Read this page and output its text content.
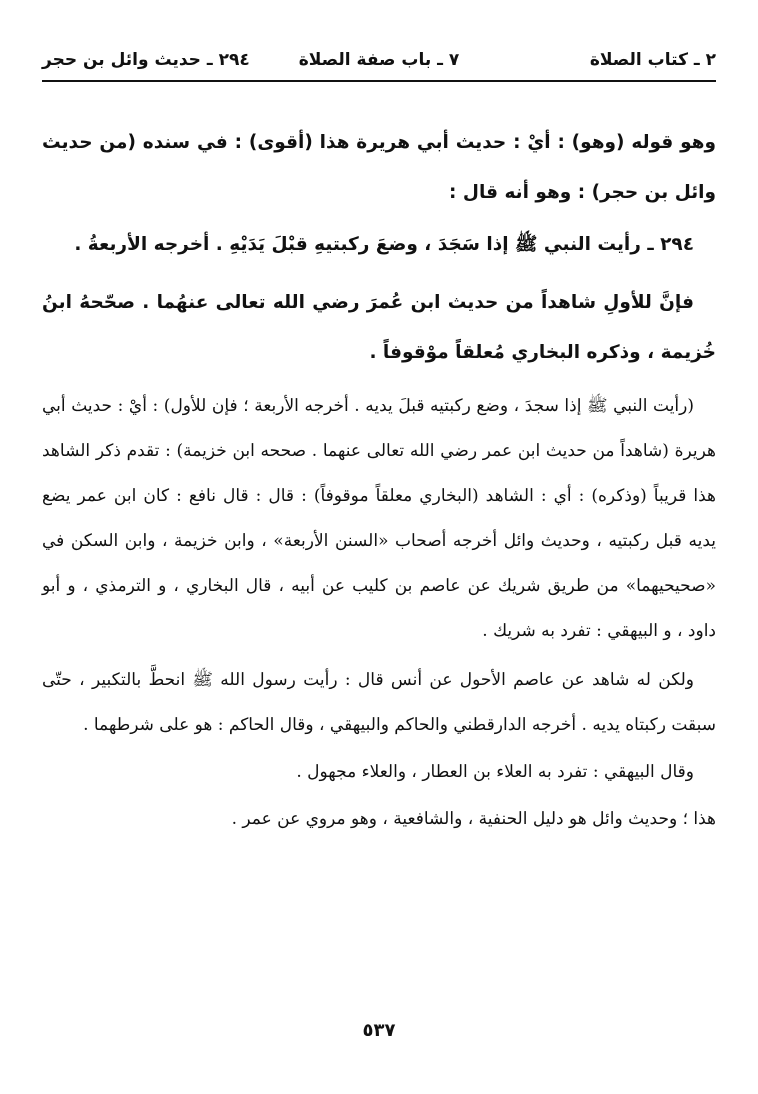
٢ ـ كتاب الصلاة
٧ ـ باب صفة الصلاة
٢٩٤ ـ حديث وائل بن حجر

وهو قوله (وهو) : أيْ : حديث أبي هريرة هذا (أقوى) : في سنده (من حديث وائل بن حجر) : وهو أنه قال :

٢٩٤ ـ رأيت النبي ﷺ إذا سَجَدَ ، وضعَ ركبتيهِ قبْلَ يَدَيْهِ . أخرجه الأربعةُ .

فإنَّ للأولِ شاهداً من حديث ابن عُمرَ رضي الله تعالى عنهُما . صحّحهُ ابنُ خُزيمة ، وذكره البخاري مُعلقاً موْقوفاً .

(رأيت النبي ﷺ إذا سجدَ ، وضع ركبتيه قبلَ يديه . أخرجه الأربعة ؛ فإن للأول) : أيْ : حديث أبي هريرة (شاهداً من حديث ابن عمر رضي الله تعالى عنهما . صححه ابن خزيمة) : تقدم ذكر الشاهد هذا قريباً (وذكره) : أي : الشاهد (البخاري معلقاً موقوفاً) : قال : قال نافع : كان ابن عمر يضع يديه قبل ركبتيه ، وحديث وائل أخرجه أصحاب «السنن الأربعة» ، وابن خزيمة ، وابن السكن في «صحيحيهما» من طريق شريك عن عاصم بن كليب عن أبيه ، قال البخاري ، و الترمذي ، و أبو داود ، و البيهقي : تفرد به شريك .

ولكن له شاهد عن عاصم الأحول عن أنس قال : رأيت رسول الله ﷺ انحطَّ بالتكبير ، حتّى سبقت ركبتاه يديه . أخرجه الدارقطني والحاكم والبيهقي ، وقال الحاكم : هو على شرطهما .

وقال البيهقي : تفرد به العلاء بن العطار ، والعلاء مجهول .

هذا ؛ وحديث وائل هو دليل الحنفية ، والشافعية ، وهو مروي عن عمر .

٥٣٧
